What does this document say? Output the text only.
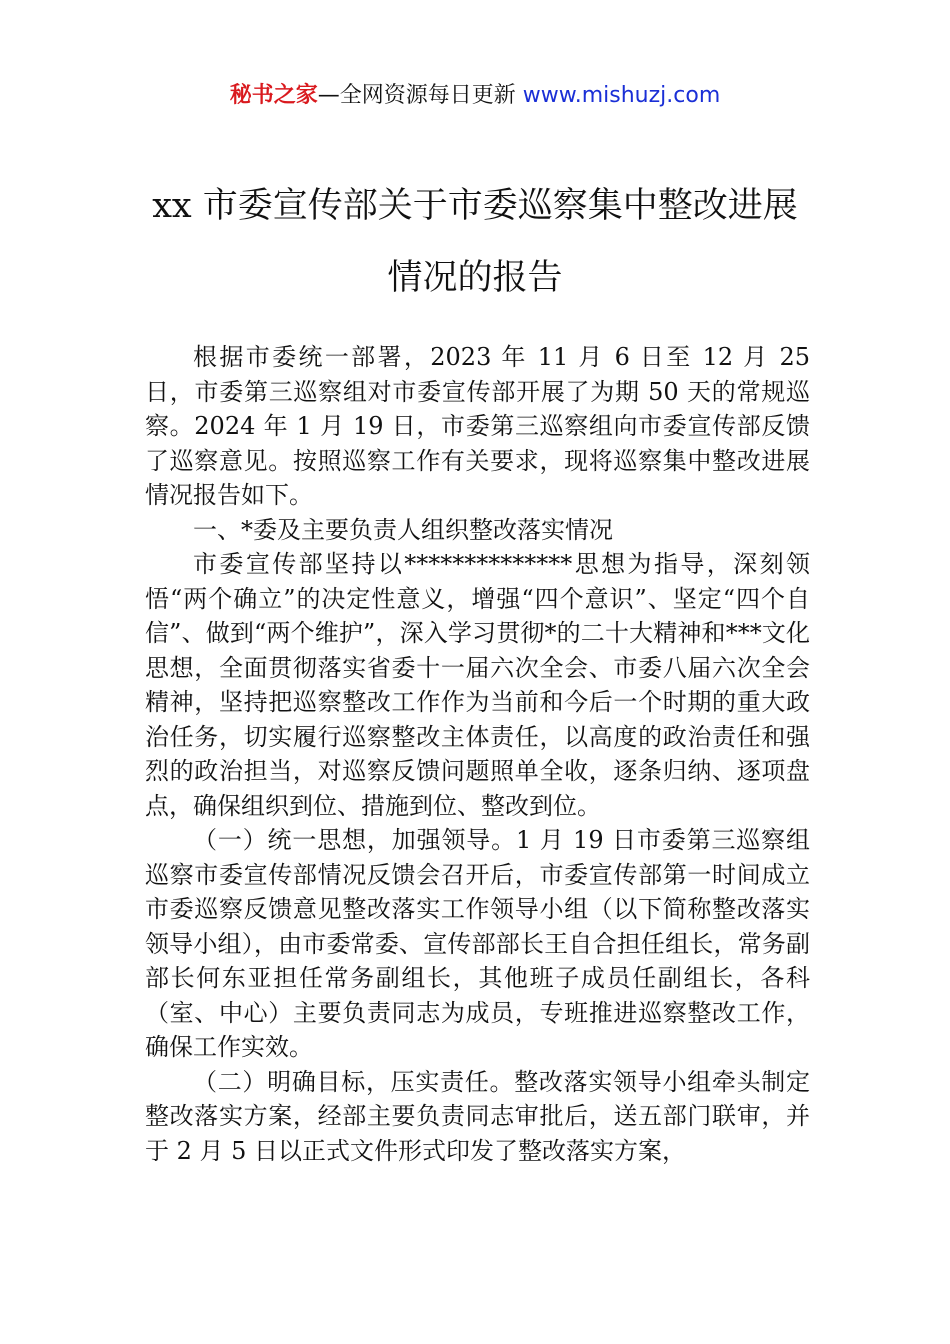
秘书之家—全网资源每日更新 www.mishuzj.com
xx 市委宣传部关于市委巡察集中整改进展
情况的报告

根据市委统一部署，2023 年 11 月 6 日至 12 月 25 日，市委第三巡察组对市委宣传部开展了为期 50 天的常规巡察。2024 年 1 月 19 日，市委第三巡察组向市委宣传部反馈了巡察意见。按照巡察工作有关要求，现将巡察集中整改进展情况报告如下。

一、*委及主要负责人组织整改落实情况

市委宣传部坚持以**************思想为指导，深刻领悟“两个确立”的决定性意义，增强“四个意识”、坚定“四个自信”、做到“两个维护”，深入学习贯彻*的二十大精神和***文化思想，全面贯彻落实省委十一届六次全会、市委八届六次全会精神，坚持把巡察整改工作作为当前和今后一个时期的重大政治任务，切实履行巡察整改主体责任，以高度的政治责任和强烈的政治担当，对巡察反馈问题照单全收，逐条归纳、逐项盘点，确保组织到位、措施到位、整改到位。

（一）统一思想，加强领导。1 月 19 日市委第三巡察组巡察市委宣传部情况反馈会召开后，市委宣传部第一时间成立市委巡察反馈意见整改落实工作领导小组（以下简称整改落实领导小组），由市委常委、宣传部部长王自合担任组长，常务副部长何东亚担任常务副组长，其他班子成员任副组长，各科（室、中心）主要负责同志为成员，专班推进巡察整改工作，确保工作实效。

（二）明确目标，压实责任。整改落实领导小组牵头制定整改落实方案，经部主要负责同志审批后，送五部门联审，并于 2 月 5 日以正式文件形式印发了整改落实方案，
